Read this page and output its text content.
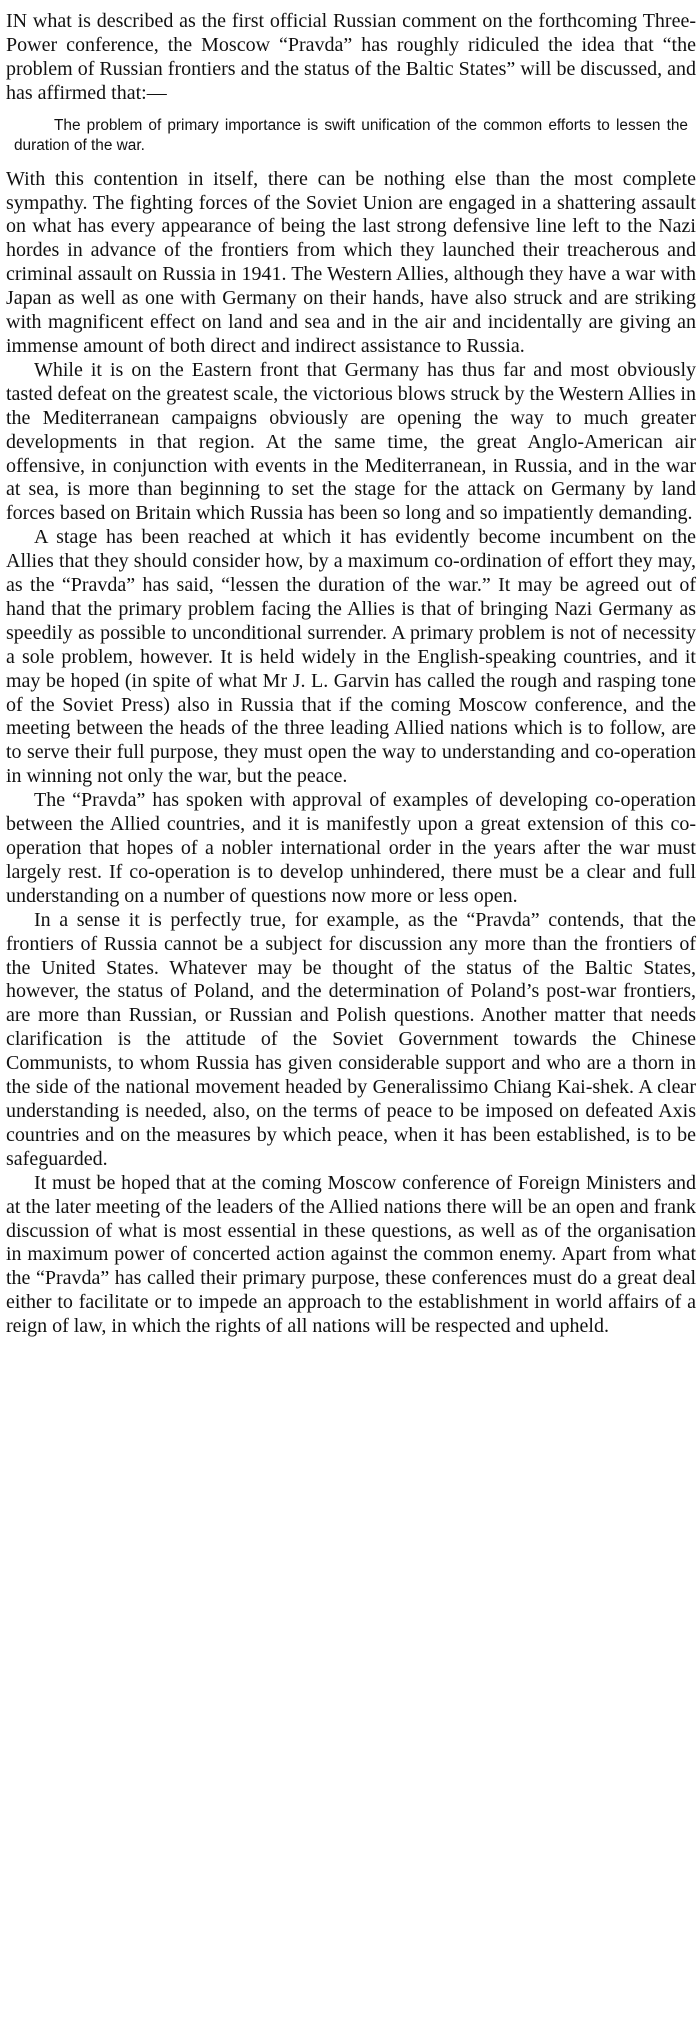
IN what is described as the first official Russian comment on the forthcoming Three-Power conference, the Moscow “Pravda” has roughly ridiculed the idea that “the problem of Russian frontiers and the status of the Baltic States” will be discussed, and has affirmed that:—

The problem of primary importance is swift unification of the common efforts to lessen the duration of the war.

With this contention in itself, there can be nothing else than the most complete sympathy. The fighting forces of the Soviet Union are engaged in a shattering assault on what has every appearance of being the last strong defensive line left to the Nazi hordes in advance of the frontiers from which they launched their treacherous and criminal assault on Russia in 1941. The Western Allies, although they have a war with Japan as well as one with Germany on their hands, have also struck and are striking with magnificent effect on land and sea and in the air and incidentally are giving an immense amount of both direct and indirect assistance to Russia.

While it is on the Eastern front that Germany has thus far and most obviously tasted defeat on the greatest scale, the victorious blows struck by the Western Allies in the Mediterranean campaigns obviously are opening the way to much greater developments in that region. At the same time, the great Anglo-American air offensive, in conjunction with events in the Mediterranean, in Russia, and in the war at sea, is more than beginning to set the stage for the attack on Germany by land forces based on Britain which Russia has been so long and so impatiently demanding.

A stage has been reached at which it has evidently become incumbent on the Allies that they should consider how, by a maximum co-ordination of effort they may, as the “Pravda” has said, “lessen the duration of the war.” It may be agreed out of hand that the primary problem facing the Allies is that of bringing Nazi Germany as speedily as possible to unconditional surrender. A primary problem is not of necessity a sole problem, however. It is held widely in the English-speaking countries, and it may be hoped (in spite of what Mr J. L. Garvin has called the rough and rasping tone of the Soviet Press) also in Russia that if the coming Moscow conference, and the meeting between the heads of the three leading Allied nations which is to follow, are to serve their full purpose, they must open the way to understanding and co-operation in winning not only the war, but the peace.

The “Pravda” has spoken with approval of examples of developing co-operation between the Allied countries, and it is manifestly upon a great extension of this co-operation that hopes of a nobler international order in the years after the war must largely rest. If co-operation is to develop unhindered, there must be a clear and full understanding on a number of questions now more or less open.

In a sense it is perfectly true, for example, as the “Pravda” contends, that the frontiers of Russia cannot be a subject for discussion any more than the frontiers of the United States. Whatever may be thought of the status of the Baltic States, however, the status of Poland, and the determination of Poland’s post-war frontiers, are more than Russian, or Russian and Polish questions. Another matter that needs clarification is the attitude of the Soviet Government towards the Chinese Communists, to whom Russia has given considerable support and who are a thorn in the side of the national movement headed by Generalissimo Chiang Kai-shek. A clear understanding is needed, also, on the terms of peace to be imposed on defeated Axis countries and on the measures by which peace, when it has been established, is to be safeguarded.

It must be hoped that at the coming Moscow conference of Foreign Ministers and at the later meeting of the leaders of the Allied nations there will be an open and frank discussion of what is most essential in these questions, as well as of the organisation in maximum power of concerted action against the common enemy. Apart from what the “Pravda” has called their primary purpose, these conferences must do a great deal either to facilitate or to impede an approach to the establishment in world affairs of a reign of law, in which the rights of all nations will be respected and upheld.
